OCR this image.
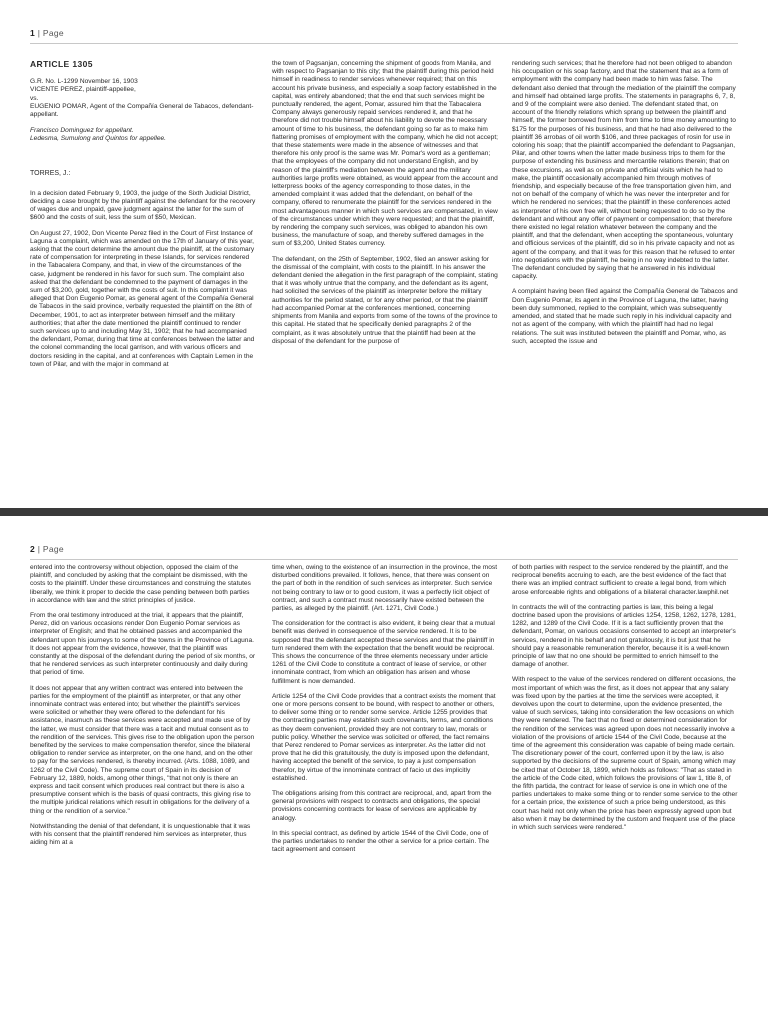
1 | Page

ARTICLE 1305

G.R. No. L-1299 November 16, 1903

VICENTE PEREZ, plaintiff-appellee,

vs.

EUGENIO POMAR, Agent of the Compañía General de Tabacos, defendant-appellant.

Francisco Dominguez for appellant.

Ledesma, Sumulong and Quintos for appellee.

TORRES, J.:

In a decision dated February 9, 1903, the judge of the Sixth Judicial District, deciding a case brought by the plaintiff against the defendant for the recovery of wages due and unpaid, gave judgment against the latter for the sum of $600 and the costs of suit, less the sum of $50, Mexican.

On August 27, 1902, Don Vicente Perez filed in the Court of First Instance of Laguna a complaint, which was amended on the 17th of January of this year, asking that the court determine the amount due the plaintiff, at the customary rate of compensation for interpreting in these Islands, for services rendered in the Tabacalera Company, and that, in view of the circumstances of the case, judgment be rendered in his favor for such sum. The complaint also asked that the defendant be condemned to the payment of damages in the sum of $3,200, gold, together with the costs of suit. In this complaint it was alleged that Don Eugenio Pomar, as general agent of the Compañía General de Tabacos in the said province, verbally requested the plaintiff on the 8th of December, 1901, to act as interpreter between himself and the military authorities; that after the date mentioned the plaintiff continued to render such services up to and including May 31, 1902; that he had accompanied the defendant, Pomar, during that time at conferences between the latter and the colonel commanding the local garrison, and with various officers and doctors residing in the capital, and at conferences with Captain Lemen in the town of Pilar, and with the major in command at

the town of Pagsanjan, concerning the shipment of goods from Manila, and with respect to Pagsanjan to this city; that the plaintiff during this period held himself in readiness to render services whenever required; that on this account his private business, and especially a soap factory established in the capital, was entirely abandoned; that the end that such services might be punctually rendered, the agent, Pomar, assured him that the Tabacalera Company always generously repaid services rendered it, and that he therefore did not trouble himself about his liability to devote the necessary amount of time to his business, the defendant going so far as to make him flattering promises of employment with the company, which he did not accept; that these statements were made in the absence of witnesses and that therefore his only proof is the same was Mr. Pomar's word as a gentleman; that the employees of the company did not understand English, and by reason of the plaintiff's mediation between the agent and the military authorities large profits were obtained, as would appear from the account and letterpress books of the agency corresponding to those dates, in the amended complaint it was added that the defendant, on behalf of the company, offered to renumerate the plaintiff for the services rendered in the most advantageous manner in which such services are compensated, in view of the circumstances under which they were requested; and that the plaintiff, by rendering the company such services, was obliged to abandon his own business, the manufacture of soap, and thereby suffered damages in the sum of $3,200, United States currency.

The defendant, on the 25th of September, 1902, filed an answer asking for the dismissal of the complaint, with costs to the plaintiff. In his answer the defendant denied the allegation in the first paragraph of the complaint, stating that it was wholly untrue that the company, and the defendant as its agent, had solicited the services of the plaintiff as interpreter before the military authorities for the period stated, or for any other period, or that the plaintiff had accompanied Pomar at the conferences mentioned, concerning shipments from Manila and exports from some of the towns of the province to this capital. He stated that he specifically denied paragraphs 2 of the complaint, as it was absolutely untrue that the plaintiff had been at the disposal of the defendant for the purpose of

rendering such services; that he therefore had not been obliged to abandon his occupation or his soap factory, and that the statement that as a form of employment with the company had been made to him was false. The defendant also denied that through the mediation of the plaintiff the company and himself had obtained large profits. The statements in paragraphs 6, 7, 8, and 9 of the complaint were also denied. The defendant stated that, on account of the friendly relations which sprang up between the plaintiff and himself, the former borrowed from him from time to time money amounting to $175 for the purposes of his business, and that he had also delivered to the plaintiff 36 arrobas of oil worth $106, and three packages of rosin for use in coloring his soap; that the plaintiff accompanied the defendant to Pagsanjan, Pilar, and other towns when the latter made business trips to them for the purpose of extending his business and mercantile relations therein; that on these excursions, as well as on private and official visits which he had to make, the plaintiff occasionally accompanied him through motives of friendship, and especially because of the free transportation given him, and not on behalf of the company of which he was never the interpreter and for which he rendered no services; that the plaintiff in these conferences acted as interpreter of his own free will, without being requested to do so by the defendant and without any offer of payment or compensation; that therefore there existed no legal relation whatever between the company and the plaintiff, and that the defendant, when accepting the spontaneous, voluntary and officious services of the plaintiff, did so in his private capacity and not as agent of the company, and that it was for this reason that he refused to enter into negotiations with the plaintiff, he being in no way indebted to the latter. The defendant concluded by saying that he answered in his individual capacity.

A complaint having been filed against the Compañía General de Tabacos and Don Eugenio Pomar, its agent in the Province of Laguna, the latter, having been duly summoned, replied to the complaint, which was subsequently amended, and stated that he made such reply in his individual capacity and not as agent of the company, with which the plaintiff had had no legal relations. The suit was instituted between the plaintiff and Pomar, who, as such, accepted the issue and

2 | Page

entered into the controversy without objection, opposed the claim of the plaintiff, and concluded by asking that the complaint be dismissed, with the costs to the plaintiff. Under these circumstances and construing the statutes liberally, we think it proper to decide the case pending between both parties in accordance with law and the strict principles of justice.

From the oral testimony introduced at the trial, it appears that the plaintiff, Perez, did on various occasions render Don Eugenio Pomar services as interpreter of English; and that he obtained passes and accompanied the defendant upon his journeys to some of the towns in the Province of Laguna. It does not appear from the evidence, however, that the plaintiff was constantly at the disposal of the defendant during the period of six months, or that he rendered services as such interpreter continuously and daily during that period of time.

It does not appear that any written contract was entered into between the parties for the employment of the plaintiff as interpreter, or that any other innominate contract was entered into; but whether the plaintiff's services were solicited or whether they were offered to the defendant for his assistance, inasmuch as these services were accepted and made use of by the latter, we must consider that there was a tacit and mutual consent as to the rendition of the services. This gives rise to the obligation upon the person benefited by the services to make compensation therefor, since the bilateral obligation to render service as interpreter, on the one hand, and on the other to pay for the services rendered, is thereby incurred. (Arts. 1088, 1089, and 1262 of the Civil Code). The supreme court of Spain in its decision of February 12, 1889, holds, among other things, "that not only is there an express and tacit consent which produces real contract but there is also a presumptive consent which is the basis of quasi contracts, this giving rise to the multiple juridical relations which result in obligations for the delivery of a thing or the rendition of a service."

Notwithstanding the denial of that defendant, it is unquestionable that it was with his consent that the plaintiff rendered him services as interpreter, thus aiding him at a

time when, owing to the existence of an insurrection in the province, the most disturbed conditions prevailed. It follows, hence, that there was consent on the part of both in the rendition of such services as interpreter. Such service not being contrary to law or to good custom, it was a perfectly licit object of contract, and such a contract must necessarily have existed between the parties, as alleged by the plaintiff. (Art. 1271, Civil Code.)

The consideration for the contract is also evident, it being clear that a mutual benefit was derived in consequence of the service rendered. It is to be supposed that the defendant accepted these services and that the plaintiff in turn rendered them with the expectation that the benefit would be reciprocal. This shows the concurrence of the three elements necessary under article 1261 of the Civil Code to constitute a contract of lease of service, or other innominate contract, from which an obligation has arisen and whose fulfillment is now demanded.

Article 1254 of the Civil Code provides that a contract exists the moment that one or more persons consent to be bound, with respect to another or others, to deliver some thing or to render some service. Article 1255 provides that the contracting parties may establish such covenants, terms, and conditions as they deem convenient, provided they are not contrary to law, morals or public policy. Whether the service was solicited or offered, the fact remains that Perez rendered to Pomar services as interpreter. As the latter did not prove that he did this gratuitously, the duty is imposed upon the defendant, having accepted the benefit of the service, to pay a just compensation therefor, by virtue of the innominate contract of facio ut des implicitly established.

The obligations arising from this contract are reciprocal, and, apart from the general provisions with respect to contracts and obligations, the special provisions concerning contracts for lease of services are applicable by analogy.

In this special contract, as defined by article 1544 of the Civil Code, one of the parties undertakes to render the other a service for a price certain. The tacit agreement and consent

of both parties with respect to the service rendered by the plaintiff, and the reciprocal benefits accruing to each, are the best evidence of the fact that there was an implied contract sufficient to create a legal bond, from which arose enforceable rights and obligations of a bilateral character.lawphil.net

In contracts the will of the contracting parties is law, this being a legal doctrine based upon the provisions of articles 1254, 1258, 1262, 1278, 1281, 1282, and 1289 of the Civil Code. If it is a fact sufficiently proven that the defendant, Pomar, on various occasions consented to accept an interpreter's services, rendered in his behalf and not gratuitously, it is but just that he should pay a reasonable remuneration therefor, because it is a well-known principle of law that no one should be permitted to enrich himself to the damage of another.

With respect to the value of the services rendered on different occasions, the most important of which was the first, as it does not appear that any salary was fixed upon by the parties at the time the services were accepted, it devolves upon the court to determine, upon the evidence presented, the value of such services, taking into consideration the few occasions on which they were rendered. The fact that no fixed or determined consideration for the rendition of the services was agreed upon does not necessarily involve a violation of the provisions of article 1544 of the Civil Code, because at the time of the agreement this consideration was capable of being made certain. The discretionary power of the court, conferred upon it by the law, is also supported by the decisions of the supreme court of Spain, among which may be cited that of October 18, 1899, which holds as follows: "That as stated in the article of the Code cited, which follows the provisions of law 1, title 8, of the fifth partida, the contract for lease of service is one in which one of the parties undertakes to make some thing or to render some service to the other for a certain price, the existence of such a price being understood, as this court has held not only when the price has been expressly agreed upon but also when it may be determined by the custom and frequent use of the place in which such services were rendered."
